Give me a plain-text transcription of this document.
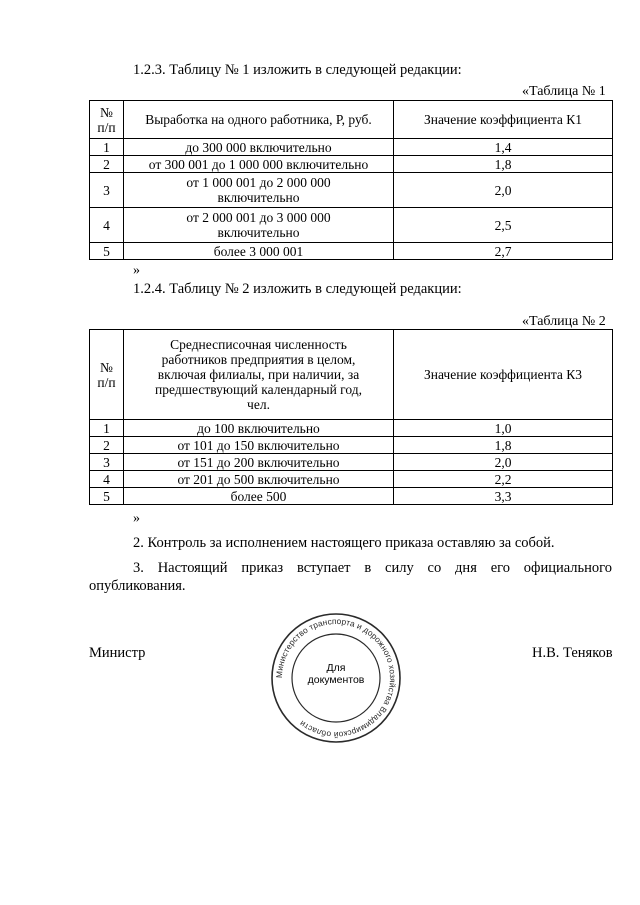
1.2.3. Таблицу № 1 изложить в следующей редакции:
«Таблица № 1
№ п/п	Выработка на одного работника, Р, руб.	Значение коэффициента К1
1	до 300 000 включительно	1,4
2	от 300 001 до 1 000 000 включительно	1,8
3	от 1 000 001 до 2 000 000 включительно	2,0
4	от 2 000 001 до 3 000 000 включительно	2,5
5	более 3 000 001	2,7
»
1.2.4. Таблицу № 2 изложить в следующей редакции:
«Таблица № 2
№ п/п	Среднесписочная численность работников предприятия в целом, включая филиалы, при наличии, за предшествующий календарный год, чел.	Значение коэффициента К3
1	до 100 включительно	1,0
2	от 101 до 150 включительно	1,8
3	от 151 до 200 включительно	2,0
4	от 201 до 500 включительно	2,2
5	более 500	3,3
»
2. Контроль за исполнением настоящего приказа оставляю за собой.
3. Настоящий приказ вступает в силу со дня его официального опубликования.
Министр	Н.В. Теняков
Министерство транспорта и дорожного хозяйства Владимирской области
Для
документов
